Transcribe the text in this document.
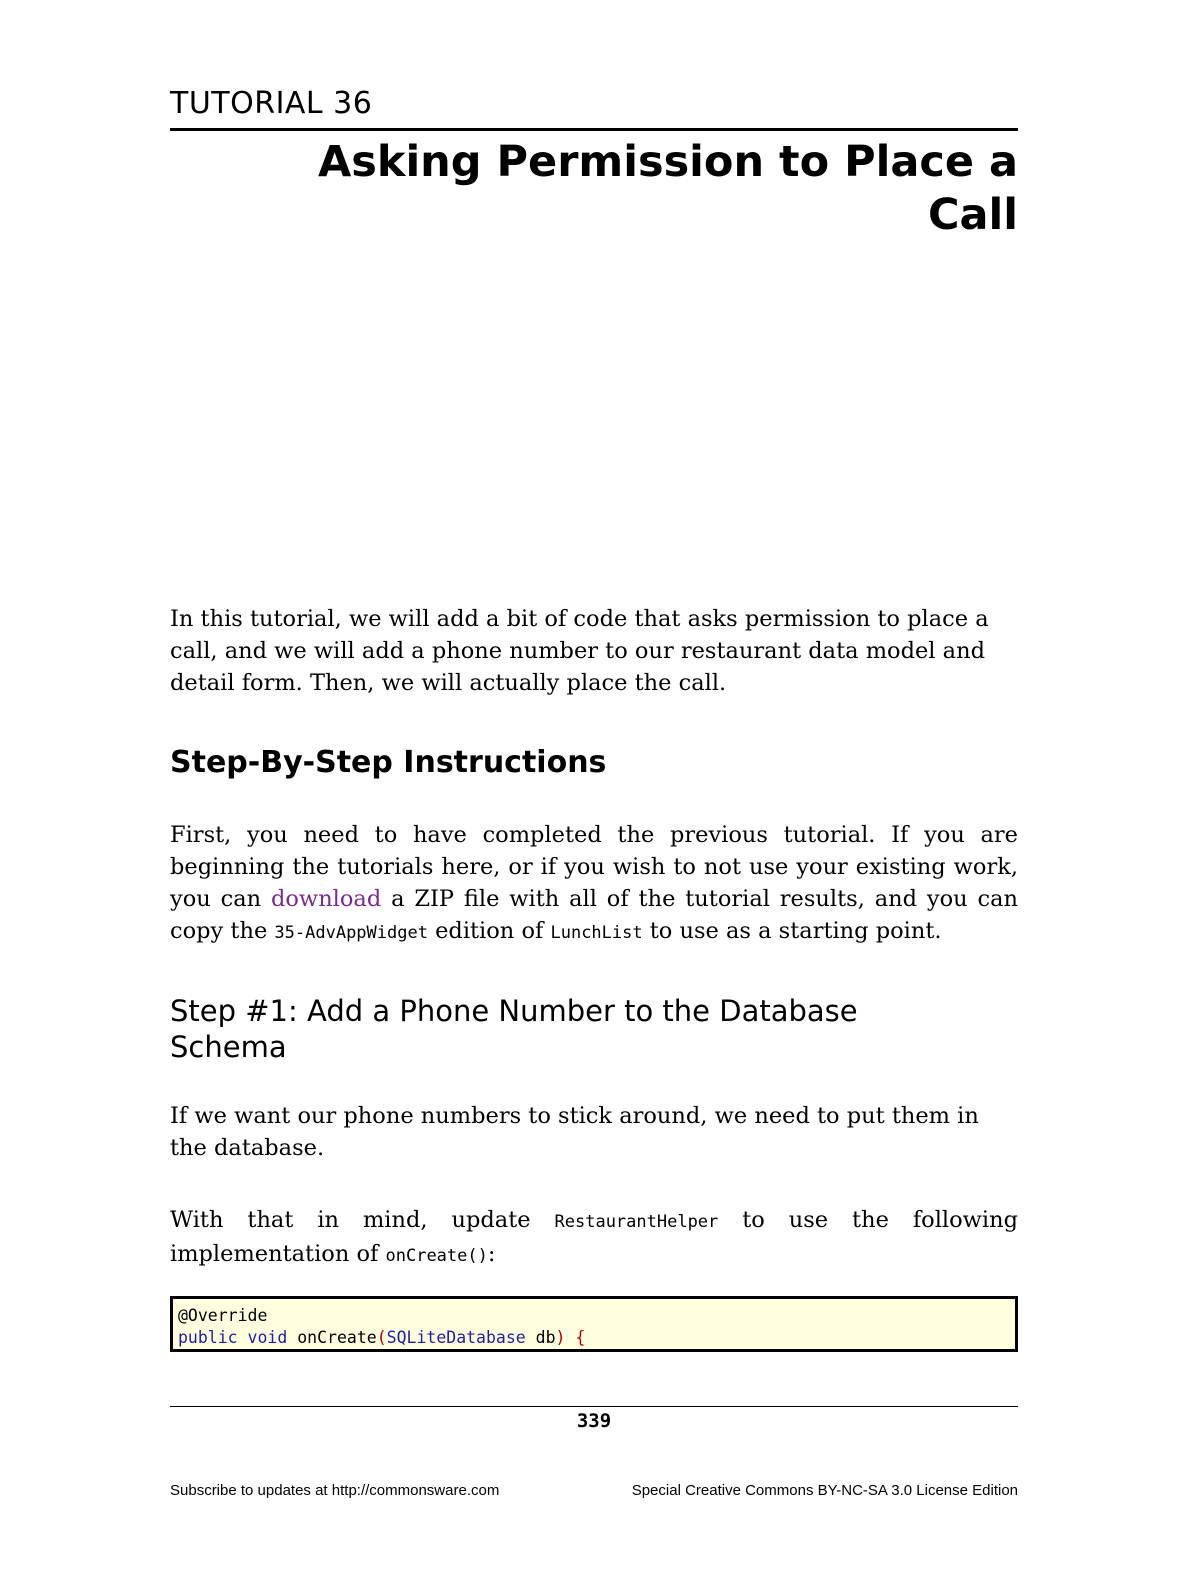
TUTORIAL 36
Asking Permission to Place a
Call

In this tutorial, we will add a bit of code that asks permission to place a call, and we will add a phone number to our restaurant data model and detail form. Then, we will actually place the call.

Step-By-Step Instructions

First, you need to have completed the previous tutorial. If you are beginning the tutorials here, or if you wish to not use your existing work, you can download a ZIP file with all of the tutorial results, and you can copy the 35-AdvAppWidget edition of LunchList to use as a starting point.

Step #1: Add a Phone Number to the Database Schema

If we want our phone numbers to stick around, we need to put them in the database.

With that in mind, update RestaurantHelper to use the following implementation of onCreate():

@Override
public void onCreate(SQLiteDatabase db) {
339
Subscribe to updates at http://commonsware.com	Special Creative Commons BY-NC-SA 3.0 License Edition
